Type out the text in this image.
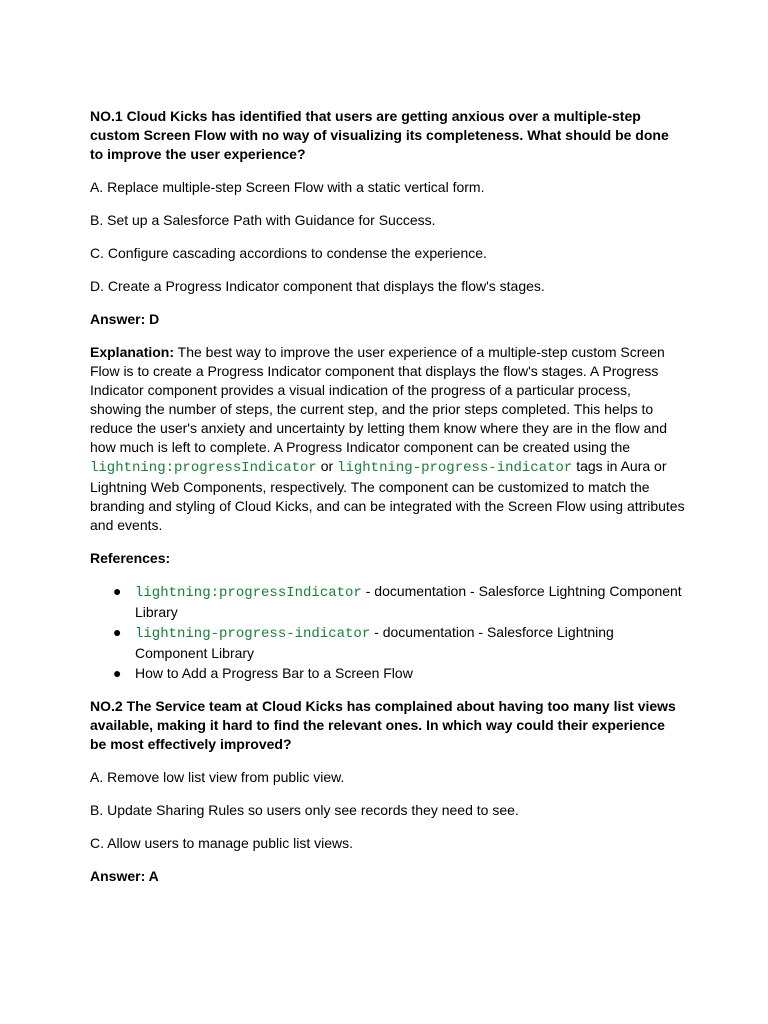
NO.1 Cloud Kicks has identified that users are getting anxious over a multiple-step custom Screen Flow with no way of visualizing its completeness. What should be done to improve the user experience?

A. Replace multiple-step Screen Flow with a static vertical form.

B. Set up a Salesforce Path with Guidance for Success.

C. Configure cascading accordions to condense the experience.

D. Create a Progress Indicator component that displays the flow's stages.

Answer: D

Explanation: The best way to improve the user experience of a multiple-step custom Screen Flow is to create a Progress Indicator component that displays the flow's stages. A Progress Indicator component provides a visual indication of the progress of a particular process, showing the number of steps, the current step, and the prior steps completed. This helps to reduce the user's anxiety and uncertainty by letting them know where they are in the flow and how much is left to complete. A Progress Indicator component can be created using the lightning:progressIndicator or lightning-progress-indicator tags in Aura or Lightning Web Components, respectively. The component can be customized to match the branding and styling of Cloud Kicks, and can be integrated with the Screen Flow using attributes and events.

References:

● lightning:progressIndicator - documentation - Salesforce Lightning Component Library
● lightning-progress-indicator - documentation - Salesforce Lightning Component Library
● How to Add a Progress Bar to a Screen Flow

NO.2 The Service team at Cloud Kicks has complained about having too many list views available, making it hard to find the relevant ones. In which way could their experience be most effectively improved?

A. Remove low list view from public view.

B. Update Sharing Rules so users only see records they need to see.

C. Allow users to manage public list views.

Answer: A
